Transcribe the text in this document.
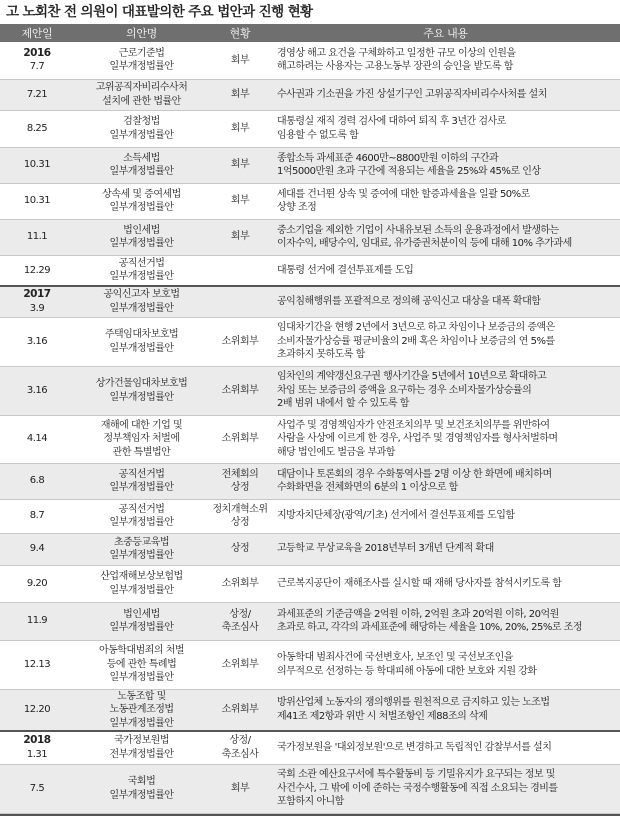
고 노회찬 전 의원이 대표발의한 주요 법안과 진행 현황
제안일	의안명	현황	주요 내용

2016
7.7	근로기준법
일부개정법률안	회부	경영상 해고 요건을 구체화하고 일정한 규모 이상의 인원을
해고하려는 사용자는 고용노동부 장관의 승인을 받도록 함
7.21	고위공직자비리수사처
설치에 관한 법률안	회부	수사권과 기소권을 가진 상설기구인 고위공직자비리수사처를 설치
8.25	검찰청법
일부개정법률안	회부	대통령실 재직 경력 검사에 대하여 퇴직 후 3년간 검사로
임용할 수 없도록 함
10.31	소득세법
일부개정법률안	회부	종합소득 과세표준 4600만~8800만원 이하의 구간과
1억5000만원 초과 구간에 적용되는 세율을 25%와 45%로 인상
10.31	상속세 및 증여세법
일부개정법률안	회부	세대를 건너뛴 상속 및 증여에 대한 할증과세율을 일괄 50%로
상향 조정
11.1	법인세법
일부개정법률안	회부	중소기업을 제외한 기업이 사내유보된 소득의 운용과정에서 발생하는
이자수익, 배당수익, 임대료, 유가증권처분이익 등에 대해 10% 추가과세
12.29	공직선거법
일부개정법률안		대통령 선거에 결선투표제를 도입

2017
3.9	공익신고자 보호법
일부개정법률안		공익침해행위를 포괄적으로 정의해 공익신고 대상을 대폭 확대함
3.16	주택임대차보호법
일부개정법률안	소위회부	임대차기간을 현행 2년에서 3년으로 하고 차임이나 보증금의 증액은
소비자물가상승률 평균비율의 2배 혹은 차임이나 보증금의 연 5%를
초과하지 못하도록 함
3.16	상가건물임대차보호법
일부개정법률안	소위회부	임차인의 계약갱신요구권 행사기간을 5년에서 10년으로 확대하고
차임 또는 보증금의 증액을 요구하는 경우 소비자물가상승률의
2배 범위 내에서 할 수 있도록 함
4.14	재해에 대한 기업 및
정부책임자 처벌에
관한 특별법안	소위회부	사업주 및 경영책임자가 안전조치의무 및 보건조치의무를 위반하여
사람을 사상에 이르게 한 경우, 사업주 및 경영책임자를 형사처벌하며
해당 법인에도 벌금을 부과함
6.8	공직선거법
일부개정법률안	전체회의
상정	대담이나 토론회의 경우 수화통역사를 2명 이상 한 화면에 배치하며
수화화면을 전체화면의 6분의 1 이상으로 함
8.7	공직선거법
일부개정법률안	정치개혁소위
상정	지방자치단체장(광역/기초) 선거에서 결선투표제를 도입함
9.4	초중등교육법
일부개정법률안	상정	고등학교 무상교육을 2018년부터 3개년 단계적 확대
9.20	산업재해보상보험법
일부개정법률안	소위회부	근로복지공단이 재해조사를 실시할 때 재해 당사자를 참석시키도록 함
11.9	법인세법
일부개정법률안	상정/
축조심사	과세표준의 기준금액을 2억원 이하, 2억원 초과 20억원 이하, 20억원
초과로 하고, 각각의 과세표준에 해당하는 세율을 10%, 20%, 25%로 조정
12.13	아동학대범죄의 처벌
등에 관한 특례법
일부개정법률안	소위회부	아동학대 범죄사건에 국선변호사, 보조인 및 국선보조인을
의무적으로 선정하는 등 학대피해 아동에 대한 보호와 지원 강화
12.20	노동조합 및
노동관계조정법
일부개정법률안	소위회부	방위산업체 노동자의 쟁의행위를 원천적으로 금지하고 있는 노조법
제41조 제2항과 위반 시 처벌조항인 제88조의 삭제

2018
1.31	국가정보원법
전부개정법률안	상정/
축조심사	국가정보원을 '대외정보원'으로 변경하고 독립적인 감찰부서를 설치
7.5	국회법
일부개정법률안	회부	국회 소관 예산요구서에 특수활동비 등 기밀유지가 요구되는 정보 및
사건수사, 그 밖에 이에 준하는 국정수행활동에 직접 소요되는 경비를
포함하지 아니함
